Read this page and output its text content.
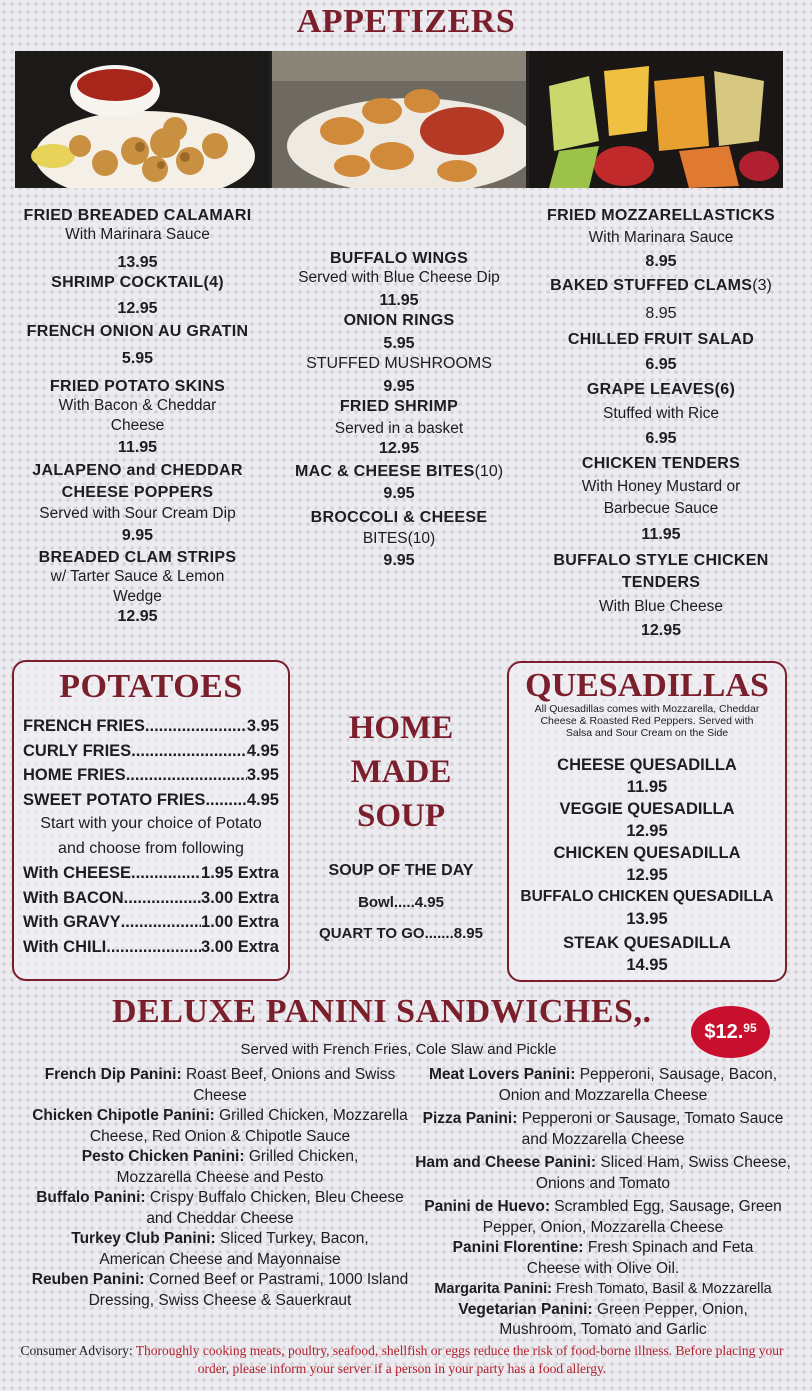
APPETIZERS
FRIED BREADED CALAMARI
With Marinara Sauce
13.95
SHRIMP COCKTAIL(4)
12.95
FRENCH ONION AU GRATIN
5.95
FRIED POTATO SKINS
With Bacon & Cheddar Cheese
11.95
JALAPENO and CHEDDAR CHEESE POPPERS
Served with Sour Cream Dip
9.95
BREADED CLAM STRIPS
w/ Tarter Sauce & Lemon Wedge
12.95
BUFFALO WINGS
Served with Blue Cheese Dip
11.95
ONION RINGS
5.95
STUFFED MUSHROOMS
9.95
FRIED SHRIMP
Served in a basket
12.95
MAC & CHEESE BITES(10)
9.95
BROCCOLI & CHEESE
BITES(10)
9.95
FRIED MOZZARELLASTICKS
With Marinara Sauce
8.95
BAKED STUFFED CLAMS(3)
8.95
CHILLED FRUIT SALAD
6.95
GRAPE LEAVES(6)
Stuffed with Rice
6.95
CHICKEN TENDERS
With Honey Mustard or Barbecue Sauce
11.95
BUFFALO STYLE CHICKEN TENDERS
With Blue Cheese
12.95
POTATOES
FRENCH FRIES .....	3.95
CURLY FRIES .....	4.95
HOME FRIES .....	3.95
SWEET POTATO FRIES .....	4.95
Start with your choice of Potato and choose from following
With CHEESE .....	1.95 Extra
With BACON .....	3.00 Extra
With GRAVY .....	1.00 Extra
With CHILI .....	3.00 Extra
HOME
MADE
SOUP
SOUP OF THE DAY
Bowl.....4.95
QUART TO GO.......8.95
QUESADILLAS
All Quesadillas comes with Mozzarella, Cheddar Cheese & Roasted Red Peppers. Served with Salsa and Sour Cream on the Side
CHEESE QUESADILLA
11.95
VEGGIE QUESADILLA
12.95
CHICKEN QUESADILLA
12.95
BUFFALO CHICKEN QUESADILLA
13.95
STEAK QUESADILLA
14.95
DELUXE PANINI SANDWICHES,.
$12. 95
Served with French Fries, Cole Slaw and Pickle
French Dip Panini: Roast Beef, Onions and Swiss Cheese
Chicken Chipotle Panini: Grilled Chicken, Mozzarella Cheese, Red Onion & Chipotle Sauce
Pesto Chicken Panini: Grilled Chicken, Mozzarella Cheese and Pesto
Buffalo Panini: Crispy Buffalo Chicken, Bleu Cheese and Cheddar Cheese
Turkey Club Panini: Sliced Turkey, Bacon, American Cheese and Mayonnaise
Reuben Panini: Corned Beef or Pastrami, 1000 Island Dressing, Swiss Cheese & Sauerkraut
Meat Lovers Panini: Pepperoni, Sausage, Bacon, Onion and Mozzarella Cheese
Pizza Panini: Pepperoni or Sausage, Tomato Sauce and Mozzarella Cheese
Ham and Cheese Panini: Sliced Ham, Swiss Cheese, Onions and Tomato
Panini de Huevo: Scrambled Egg, Sausage, Green Pepper, Onion, Mozzarella Cheese
Panini Florentine: Fresh Spinach and Feta Cheese with Olive Oil.
Margarita Panini: Fresh Tomato, Basil & Mozzarella
Vegetarian Panini: Green Pepper, Onion, Mushroom, Tomato and Garlic
Consumer Advisory: Thoroughly cooking meats, poultry, seafood, shellfish or eggs reduce the risk of food-borne illness. Before placing your order, please inform your server if a person in your party has a food allergy.
